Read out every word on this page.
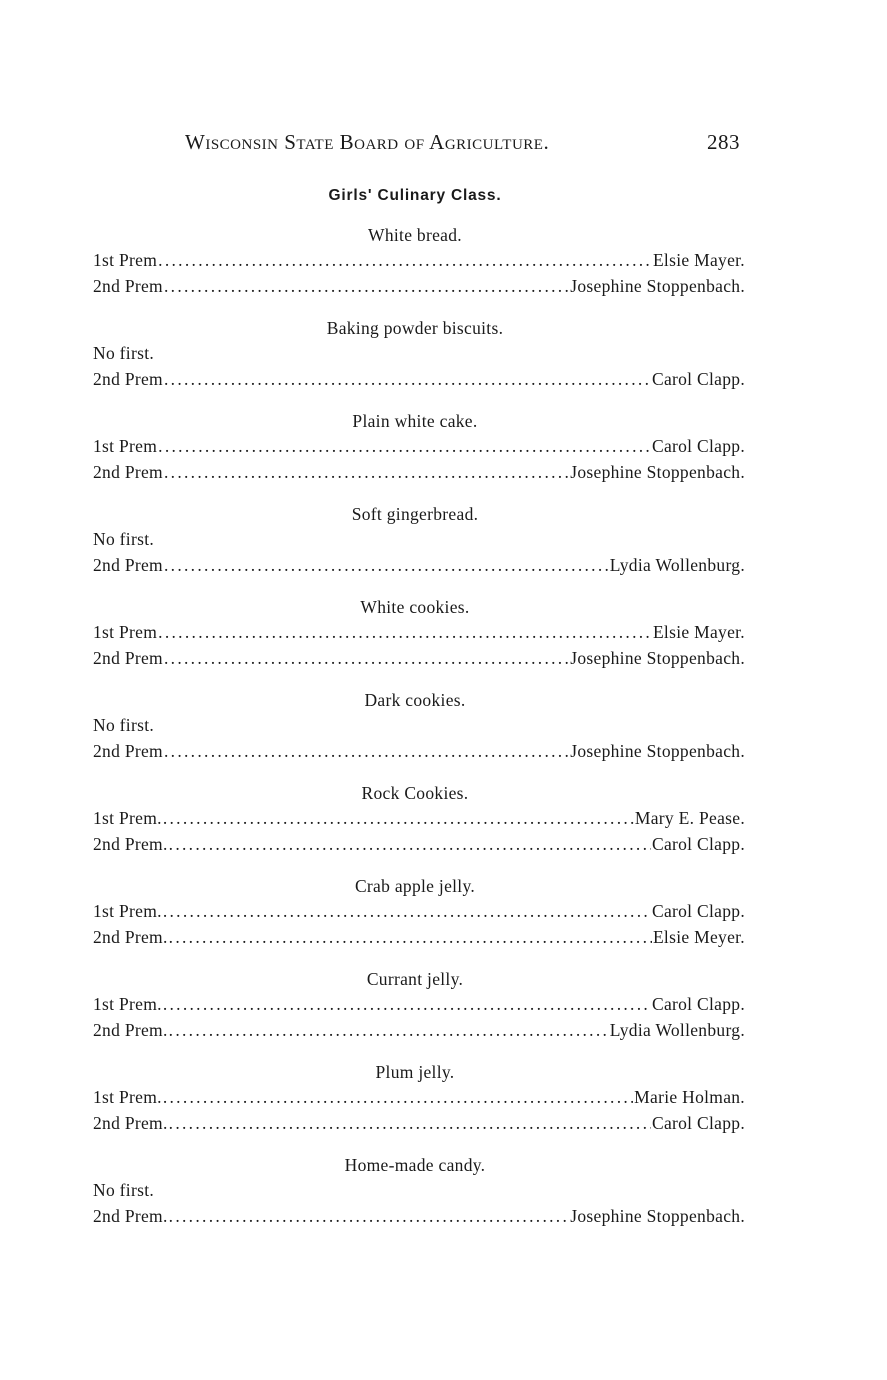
Wisconsin State Board of Agriculture.	283
Girls' Culinary Class.
White bread.
1st Prem .....	Elsie Mayer.
2nd Prem .....	Josephine Stoppenbach.
Baking powder biscuits.
No first.
2nd Prem .....	Carol Clapp.
Plain white cake.
1st Prem .....	Carol Clapp.
2nd Prem .....	Josephine Stoppenbach.
Soft gingerbread.
No first.
2nd Prem .....	Lydia Wollenburg.
White cookies.
1st Prem .....	Elsie Mayer.
2nd Prem .....	Josephine Stoppenbach.
Dark cookies.
No first.
2nd Prem .....	Josephine Stoppenbach.
Rock Cookies.
1st Prem. .....	Mary E. Pease.
2nd Prem. .....	Carol Clapp.
Crab apple jelly.
1st Prem. .....	Carol Clapp.
2nd Prem. .....	Elsie Meyer.
Currant jelly.
1st Prem. .....	Carol Clapp.
2nd Prem. .....	Lydia Wollenburg.
Plum jelly.
1st Prem. .....	Marie Holman.
2nd Prem. .....	Carol Clapp.
Home-made candy.
No first.
2nd Prem. .....	Josephine Stoppenbach.
